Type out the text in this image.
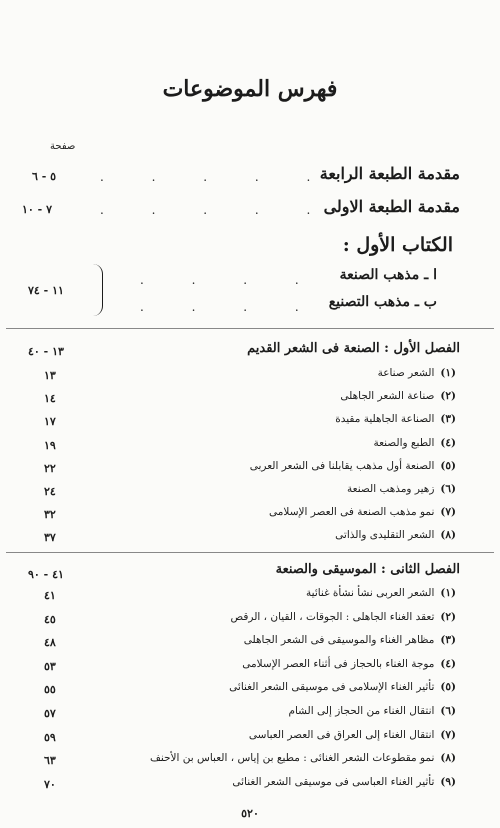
فهرس الموضوعات
صفحة
مقدمة الطبعة الرابعة
. . . . .
٥ - ٦
مقدمة الطبعة الاولى
. . . . .
٧ - ١٠
الكتاب الأول :
ا ـ مذهب الصنعة
. . . .
ب ـ مذهب التصنيع
. . . .
١١ - ٧٤
الفصل الأول : الصنعة فى الشعر القديم
١٣ - ٤٠
(١)الشعر صناعة
١٣
(٢)صناعة الشعر الجاهلى
١٤
(٣)الصناعة الجاهلية مقيدة
١٧
(٤)الطبع والصنعة
١٩
(٥)الصنعة أول مذهب يقابلنا فى الشعر العربى
٢٢
(٦)زهير ومذهب الصنعة
٢٤
(٧)نمو مذهب الصنعة فى العصر الإسلامى
٣٢
(٨)الشعر التقليدى والذاتى
٣٧
الفصل الثانى : الموسيقى والصنعة
٤١ - ٩٠
(١)الشعر العربى نشأ نشأة غنائية
٤١
(٢)تعقد الغناء الجاهلى : الجوقات ، القيان ، الرقص
٤٥
(٣)مظاهر الغناء والموسيقى فى الشعر الجاهلى
٤٨
(٤)موجة الغناء بالحجاز فى أثناء العصر الإسلامى
٥٣
(٥)تأثير الغناء الإسلامى فى موسيقى الشعر الغنائى
٥٥
(٦)انتقال الغناء من الحجاز إلى الشام
٥٧
(٧)انتقال الغناء إلى العراق فى العصر العباسى
٥٩
(٨)نمو مقطوعات الشعر الغنائى : مطيع بن إياس ، العباس بن الأحنف
٦٣
(٩)تأثير الغناء العباسى فى موسيقى الشعر الغنائى
٧٠
٥٢٠
